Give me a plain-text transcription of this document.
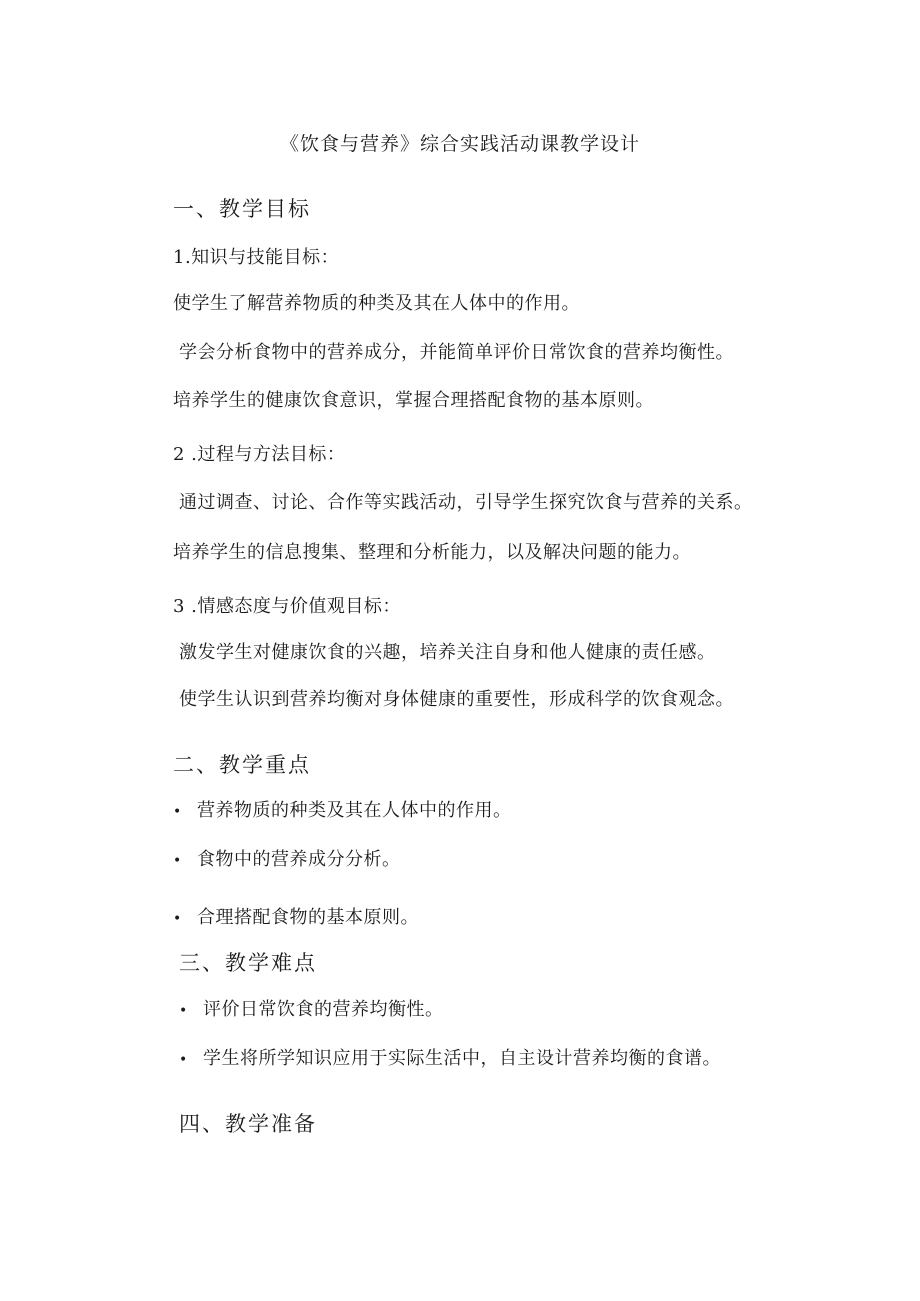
《饮食与营养》综合实践活动课教学设计
一、教学目标
1.知识与技能目标：
使学生了解营养物质的种类及其在人体中的作用。
学会分析食物中的营养成分，并能简单评价日常饮食的营养均衡性。
培养学生的健康饮食意识，掌握合理搭配食物的基本原则。
2 .过程与方法目标：
通过调查、讨论、合作等实践活动，引导学生探究饮食与营养的关系。
培养学生的信息搜集、整理和分析能力，以及解决问题的能力。
3 .情感态度与价值观目标：
激发学生对健康饮食的兴趣，培养关注自身和他人健康的责任感。
使学生认识到营养均衡对身体健康的重要性，形成科学的饮食观念。
二、教学重点
• 营养物质的种类及其在人体中的作用。
• 食物中的营养成分分析。
• 合理搭配食物的基本原则。
三、教学难点
• 评价日常饮食的营养均衡性。
• 学生将所学知识应用于实际生活中，自主设计营养均衡的食谱。
四、教学准备
